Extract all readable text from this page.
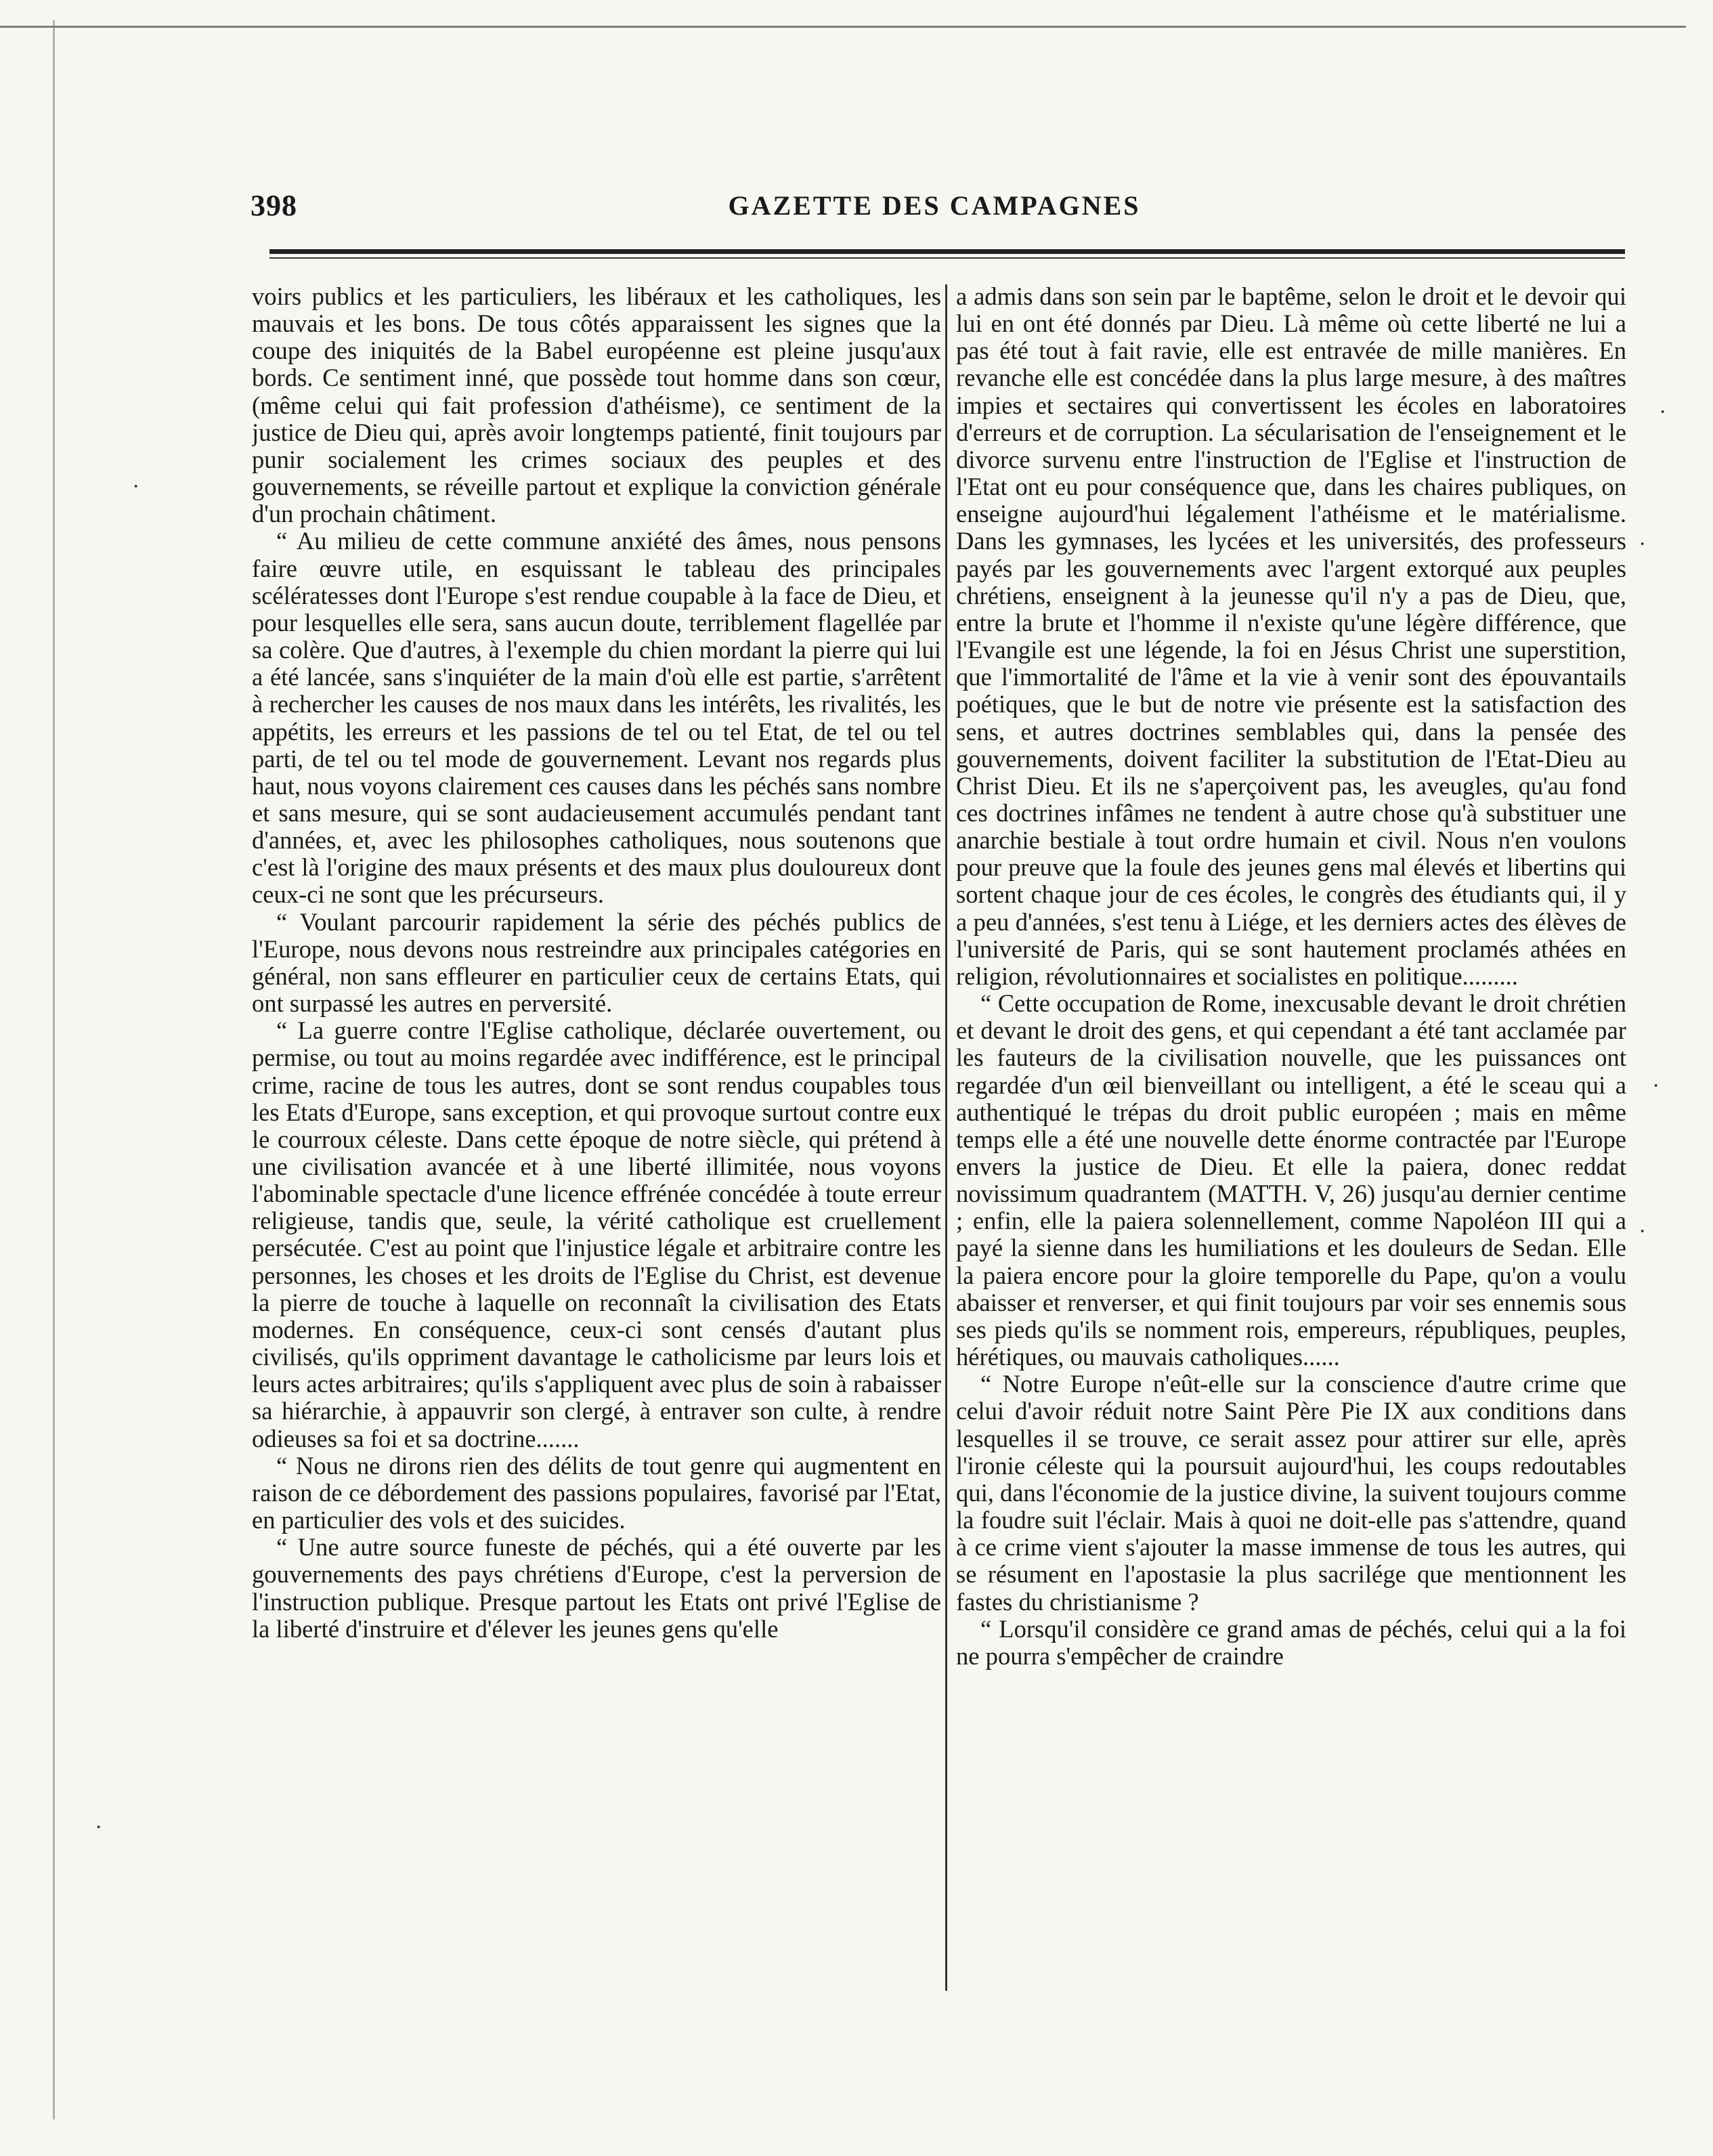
398	GAZETTE DES CAMPAGNES

voirs publics et les particuliers, les libéraux et les catholiques, les mauvais et les bons. De tous côtés apparaissent les signes que la coupe des iniquités de la Babel européenne est pleine jusqu'aux bords. Ce sentiment inné, que possède tout homme dans son cœur, (même celui qui fait profession d'athéisme), ce sentiment de la justice de Dieu qui, après avoir longtemps patienté, finit toujours par punir socialement les crimes sociaux des peuples et des gouvernements, se réveille partout et explique la conviction générale d'un prochain châtiment.

“ Au milieu de cette commune anxiété des âmes, nous pensons faire œuvre utile, en esquissant le tableau des principales scélératesses dont l'Europe s'est rendue coupable à la face de Dieu, et pour lesquelles elle sera, sans aucun doute, terriblement flagellée par sa colère. Que d'autres, à l'exemple du chien mordant la pierre qui lui a été lancée, sans s'inquiéter de la main d'où elle est partie, s'arrêtent à rechercher les causes de nos maux dans les intérêts, les rivalités, les appétits, les erreurs et les passions de tel ou tel Etat, de tel ou tel parti, de tel ou tel mode de gouvernement. Levant nos regards plus haut, nous voyons clairement ces causes dans les péchés sans nombre et sans mesure, qui se sont audacieusement accumulés pendant tant d'années, et, avec les philosophes catholiques, nous soutenons que c'est là l'origine des maux présents et des maux plus douloureux dont ceux-ci ne sont que les précurseurs.

“ Voulant parcourir rapidement la série des péchés publics de l'Europe, nous devons nous restreindre aux principales catégories en général, non sans effleurer en particulier ceux de certains Etats, qui ont surpassé les autres en perversité.

“ La guerre contre l'Eglise catholique, déclarée ouvertement, ou permise, ou tout au moins regardée avec indifférence, est le principal crime, racine de tous les autres, dont se sont rendus coupables tous les Etats d'Europe, sans exception, et qui provoque surtout contre eux le courroux céleste. Dans cette époque de notre siècle, qui prétend à une civilisation avancée et à une liberté illimitée, nous voyons l'abominable spectacle d'une licence effrénée concédée à toute erreur religieuse, tandis que, seule, la vérité catholique est cruellement persécutée. C'est au point que l'injustice légale et arbitraire contre les personnes, les choses et les droits de l'Eglise du Christ, est devenue la pierre de touche à laquelle on reconnaît la civilisation des Etats modernes. En conséquence, ceux-ci sont censés d'autant plus civilisés, qu'ils oppriment davantage le catholicisme par leurs lois et leurs actes arbitraires; qu'ils s'appliquent avec plus de soin à rabaisser sa hiérarchie, à appauvrir son clergé, à entraver son culte, à rendre odieuses sa foi et sa doctrine.......

“ Nous ne dirons rien des délits de tout genre qui augmentent en raison de ce débordement des passions populaires, favorisé par l'Etat, en particulier des vols et des suicides.

“ Une autre source funeste de péchés, qui a été ouverte par les gouvernements des pays chrétiens d'Europe, c'est la perversion de l'instruction publique. Presque partout les Etats ont privé l'Eglise de la liberté d'instruire et d'élever les jeunes gens qu'elle

a admis dans son sein par le baptême, selon le droit et le devoir qui lui en ont été donnés par Dieu. Là même où cette liberté ne lui a pas été tout à fait ravie, elle est entravée de mille manières. En revanche elle est concédée dans la plus large mesure, à des maîtres impies et sectaires qui convertissent les écoles en laboratoires d'erreurs et de corruption. La sécularisation de l'enseignement et le divorce survenu entre l'instruction de l'Eglise et l'instruction de l'Etat ont eu pour conséquence que, dans les chaires publiques, on enseigne aujourd'hui légalement l'athéisme et le matérialisme. Dans les gymnases, les lycées et les universités, des professeurs payés par les gouvernements avec l'argent extorqué aux peuples chrétiens, enseignent à la jeunesse qu'il n'y a pas de Dieu, que, entre la brute et l'homme il n'existe qu'une légère différence, que l'Evangile est une légende, la foi en Jésus Christ une superstition, que l'immortalité de l'âme et la vie à venir sont des épouvantails poétiques, que le but de notre vie présente est la satisfaction des sens, et autres doctrines semblables qui, dans la pensée des gouvernements, doivent faciliter la substitution de l'Etat-Dieu au Christ Dieu. Et ils ne s'aperçoivent pas, les aveugles, qu'au fond ces doctrines infâmes ne tendent à autre chose qu'à substituer une anarchie bestiale à tout ordre humain et civil. Nous n'en voulons pour preuve que la foule des jeunes gens mal élevés et libertins qui sortent chaque jour de ces écoles, le congrès des étudiants qui, il y a peu d'années, s'est tenu à Liége, et les derniers actes des élèves de l'université de Paris, qui se sont hautement proclamés athées en religion, révolutionnaires et socialistes en politique.........

“ Cette occupation de Rome, inexcusable devant le droit chrétien et devant le droit des gens, et qui cependant a été tant acclamée par les fauteurs de la civilisation nouvelle, que les puissances ont regardée d'un œil bienveillant ou intelligent, a été le sceau qui a authentiqué le trépas du droit public européen ; mais en même temps elle a été une nouvelle dette énorme contractée par l'Europe envers la justice de Dieu. Et elle la paiera, donec reddat novissimum quadrantem (MATTH. V, 26) jusqu'au dernier centime ; enfin, elle la paiera solennellement, comme Napoléon III qui a payé la sienne dans les humiliations et les douleurs de Sedan. Elle la paiera encore pour la gloire temporelle du Pape, qu'on a voulu abaisser et renverser, et qui finit toujours par voir ses ennemis sous ses pieds qu'ils se nomment rois, empereurs, républiques, peuples, hérétiques, ou mauvais catholiques......

“ Notre Europe n'eût-elle sur la conscience d'autre crime que celui d'avoir réduit notre Saint Père Pie IX aux conditions dans lesquelles il se trouve, ce serait assez pour attirer sur elle, après l'ironie céleste qui la poursuit aujourd'hui, les coups redoutables qui, dans l'économie de la justice divine, la suivent toujours comme la foudre suit l'éclair. Mais à quoi ne doit-elle pas s'attendre, quand à ce crime vient s'ajouter la masse immense de tous les autres, qui se résument en l'apostasie la plus sacrilége que mentionnent les fastes du christianisme ?

“ Lorsqu'il considère ce grand amas de péchés, celui qui a la foi ne pourra s'empêcher de craindre

·
·
·
·
·
·
